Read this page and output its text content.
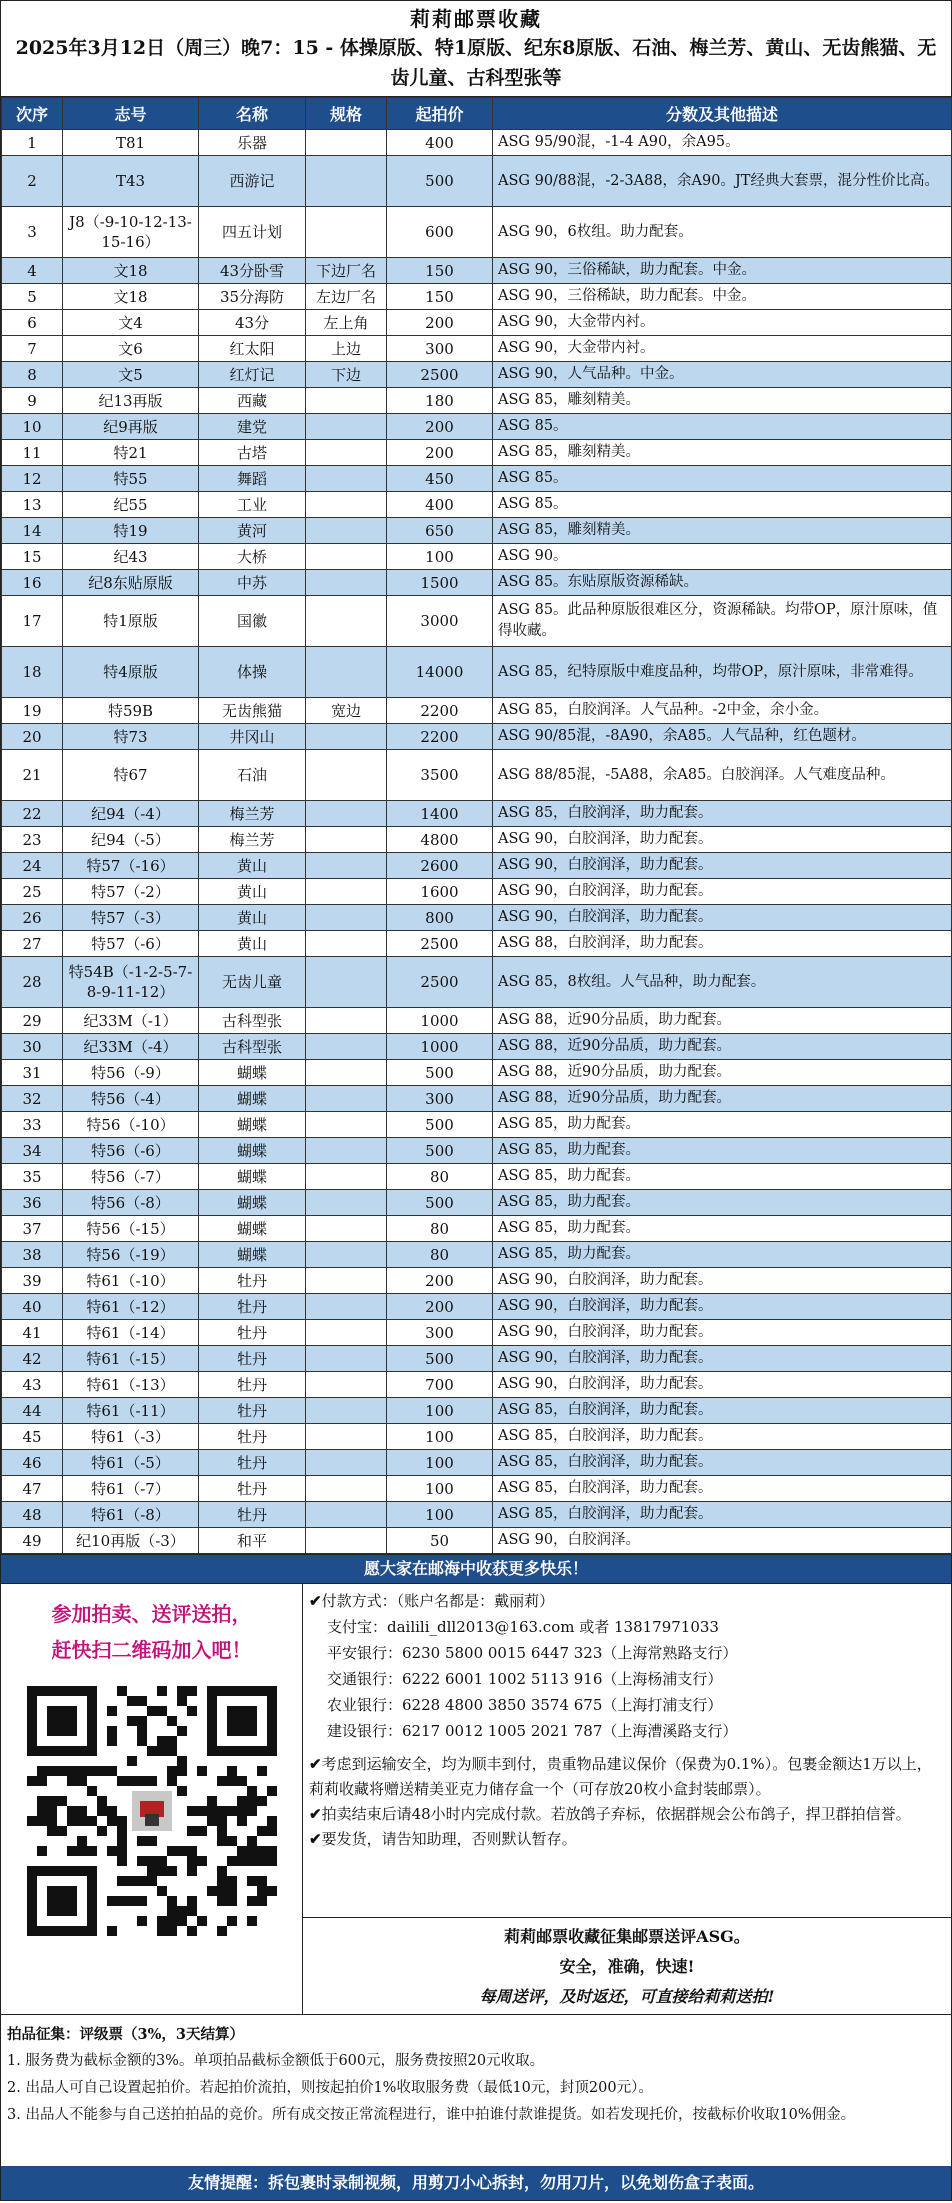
莉莉邮票收藏
2025年3月12日（周三）晚7：15 - 体操原版、特1原版、纪东8原版、石油、梅兰芳、黄山、无齿熊猫、无齿儿童、古科型张等
次序	志号	名称	规格	起拍价	分数及其他描述
1	T81	乐器		400	ASG 95/90混，-1-4 A90，余A95。
2	T43	西游记		500	ASG 90/88混，-2-3A88，余A90。JT经典大套票，混分性价比高。
3	J8（-9-10-12-13-15-16）	四五计划		600	ASG 90，6枚组。助力配套。
4	文18	43分卧雪	下边厂名	150	ASG 90，三俗稀缺，助力配套。中金。
5	文18	35分海防	左边厂名	150	ASG 90，三俗稀缺，助力配套。中金。
6	文4	43分	左上角	200	ASG 90，大金带内衬。
7	文6	红太阳	上边	300	ASG 90，大金带内衬。
8	文5	红灯记	下边	2500	ASG 90，人气品种。中金。
9	纪13再版	西藏		180	ASG 85，雕刻精美。
10	纪9再版	建党		200	ASG 85。
11	特21	古塔		200	ASG 85，雕刻精美。
12	特55	舞蹈		450	ASG 85。
13	纪55	工业		400	ASG 85。
14	特19	黄河		650	ASG 85，雕刻精美。
15	纪43	大桥		100	ASG 90。
16	纪8东贴原版	中苏		1500	ASG 85。东贴原版资源稀缺。
17	特1原版	国徽		3000	ASG 85。此品种原版很难区分，资源稀缺。均带OP，原汁原味，值得收藏。
18	特4原版	体操		14000	ASG 85，纪特原版中难度品种，均带OP，原汁原味，非常难得。
19	特59B	无齿熊猫	宽边	2200	ASG 85，白胶润泽。人气品种。-2中金，余小金。
20	特73	井冈山		2200	ASG 90/85混，-8A90，余A85。人气品种，红色题材。
21	特67	石油		3500	ASG 88/85混，-5A88，余A85。白胶润泽。人气难度品种。
22	纪94（-4）	梅兰芳		1400	ASG 85，白胶润泽，助力配套。
23	纪94（-5）	梅兰芳		4800	ASG 90，白胶润泽，助力配套。
24	特57（-16）	黄山		2600	ASG 90，白胶润泽，助力配套。
25	特57（-2）	黄山		1600	ASG 90，白胶润泽，助力配套。
26	特57（-3）	黄山		800	ASG 90，白胶润泽，助力配套。
27	特57（-6）	黄山		2500	ASG 88，白胶润泽，助力配套。
28	特54B（-1-2-5-7-8-9-11-12）	无齿儿童		2500	ASG 85，8枚组。人气品种，助力配套。
29	纪33M（-1）	古科型张		1000	ASG 88，近90分品质，助力配套。
30	纪33M（-4）	古科型张		1000	ASG 88，近90分品质，助力配套。
31	特56（-9）	蝴蝶		500	ASG 88，近90分品质，助力配套。
32	特56（-4）	蝴蝶		300	ASG 88，近90分品质，助力配套。
33	特56（-10）	蝴蝶		500	ASG 85，助力配套。
34	特56（-6）	蝴蝶		500	ASG 85，助力配套。
35	特56（-7）	蝴蝶		80	ASG 85，助力配套。
36	特56（-8）	蝴蝶		500	ASG 85，助力配套。
37	特56（-15）	蝴蝶		80	ASG 85，助力配套。
38	特56（-19）	蝴蝶		80	ASG 85，助力配套。
39	特61（-10）	牡丹		200	ASG 90，白胶润泽，助力配套。
40	特61（-12）	牡丹		200	ASG 90，白胶润泽，助力配套。
41	特61（-14）	牡丹		300	ASG 90，白胶润泽，助力配套。
42	特61（-15）	牡丹		500	ASG 90，白胶润泽，助力配套。
43	特61（-13）	牡丹		700	ASG 90，白胶润泽，助力配套。
44	特61（-11）	牡丹		100	ASG 85，白胶润泽，助力配套。
45	特61（-3）	牡丹		100	ASG 85，白胶润泽，助力配套。
46	特61（-5）	牡丹		100	ASG 85，白胶润泽，助力配套。
47	特61（-7）	牡丹		100	ASG 85，白胶润泽，助力配套。
48	特61（-8）	牡丹		100	ASG 85，白胶润泽，助力配套。
49	纪10再版（-3）	和平		50	ASG 90，白胶润泽。
愿大家在邮海中收获更多快乐！
参加拍卖、送评送拍，
赶快扫二维码加入吧！
✔付款方式：（账户名都是：戴丽莉）
支付宝：dailili_dll2013@163.com 或者 13817971033
平安银行：6230 5800 0015 6447 323（上海常熟路支行）
交通银行：6222 6001 1002 5113 916（上海杨浦支行）
农业银行：6228 4800 3850 3574 675（上海打浦支行）
建设银行：6217 0012 1005 2021 787（上海漕溪路支行）
✔考虑到运输安全，均为顺丰到付，贵重物品建议保价（保费为0.1%）。包裹金额达1万以上，莉莉收藏将赠送精美亚克力储存盒一个（可存放20枚小盒封装邮票）。
✔拍卖结束后请48小时内完成付款。若放鸽子弃标，依据群规会公布鸽子，捍卫群拍信誉。
✔要发货，请告知助理，否则默认暂存。
莉莉邮票收藏征集邮票送评ASG。
安全，准确，快速!
每周送评，及时返还，可直接给莉莉送拍!
拍品征集：评级票（3%，3天结算）
1. 服务费为截标金额的3%。单项拍品截标金额低于600元，服务费按照20元收取。
2. 出品人可自己设置起拍价。若起拍价流拍，则按起拍价1%收取服务费（最低10元，封顶200元）。
3. 出品人不能参与自己送拍拍品的竞价。所有成交按正常流程进行，谁中拍谁付款谁提货。如若发现托价，按截标价收取10%佣金。
友情提醒：拆包裹时录制视频，用剪刀小心拆封，勿用刀片，以免划伤盒子表面。
